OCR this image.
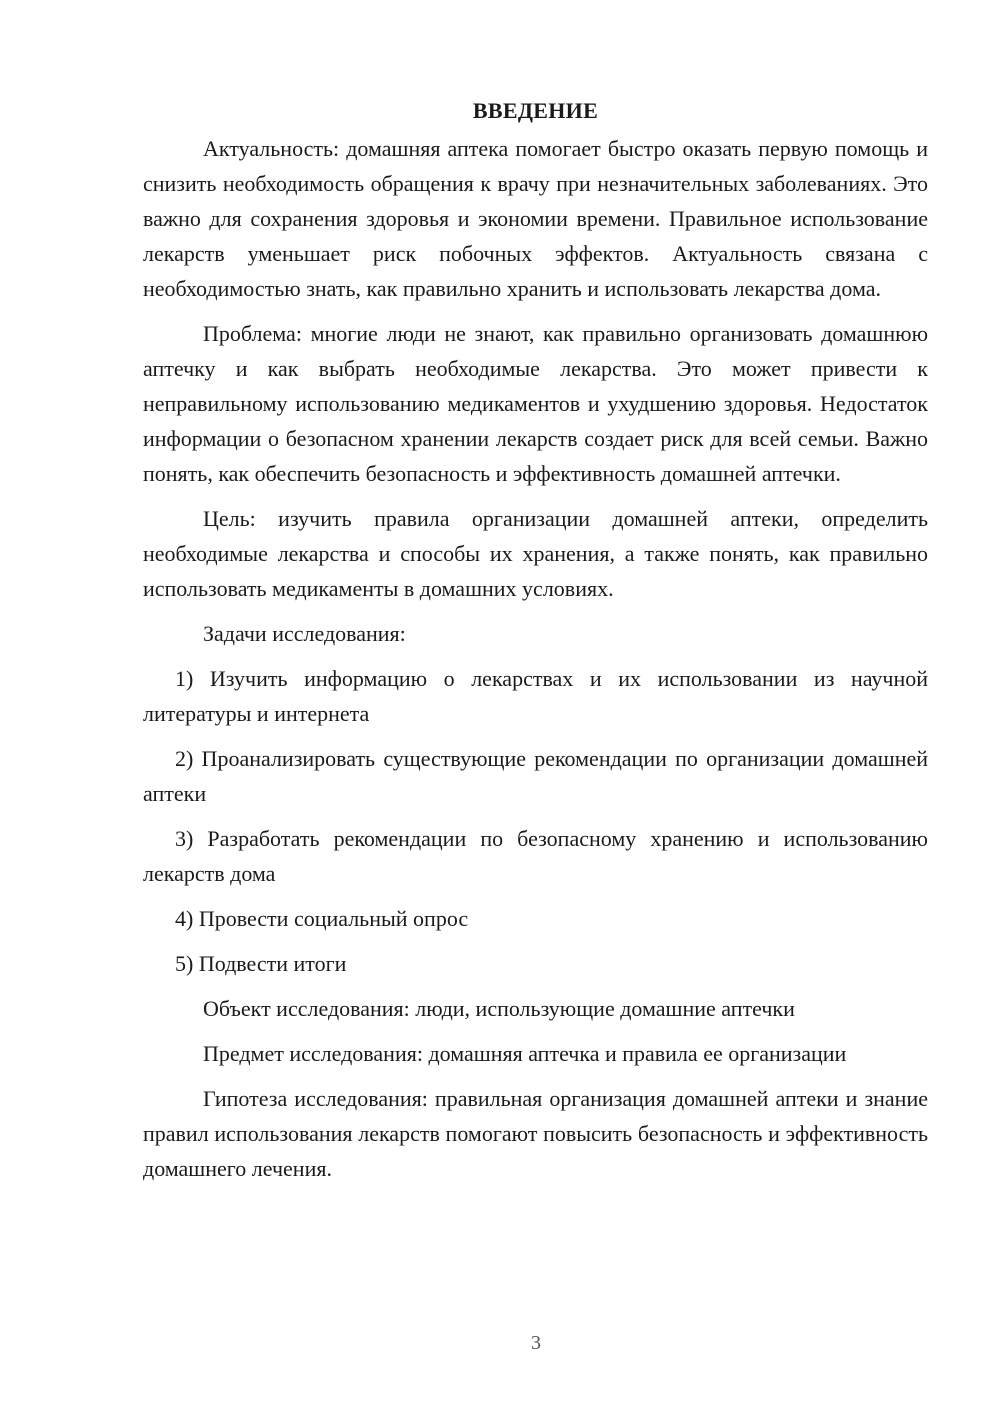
ВВЕДЕНИЕ

Актуальность: домашняя аптека помогает быстро оказать первую помощь и снизить необходимость обращения к врачу при незначительных заболеваниях. Это важно для сохранения здоровья и экономии времени. Правильное использование лекарств уменьшает риск побочных эффектов. Актуальность связана с необходимостью знать, как правильно хранить и использовать лекарства дома.

Проблема: многие люди не знают, как правильно организовать домашнюю аптечку и как выбрать необходимые лекарства. Это может привести к неправильному использованию медикаментов и ухудшению здоровья. Недостаток информации о безопасном хранении лекарств создает риск для всей семьи. Важно понять, как обеспечить безопасность и эффективность домашней аптечки.

Цель: изучить правила организации домашней аптеки, определить необходимые лекарства и способы их хранения, а также понять, как правильно использовать медикаменты в домашних условиях.

Задачи исследования:

1) Изучить информацию о лекарствах и их использовании из научной литературы и интернета

2) Проанализировать существующие рекомендации по организации домашней аптеки

3) Разработать рекомендации по безопасному хранению и использованию лекарств дома

4) Провести социальный опрос

5) Подвести итоги

Объект исследования: люди, использующие домашние аптечки

Предмет исследования: домашняя аптечка и правила ее организации

Гипотеза исследования: правильная организация домашней аптеки и знание правил использования лекарств помогают повысить безопасность и эффективность домашнего лечения.

3
